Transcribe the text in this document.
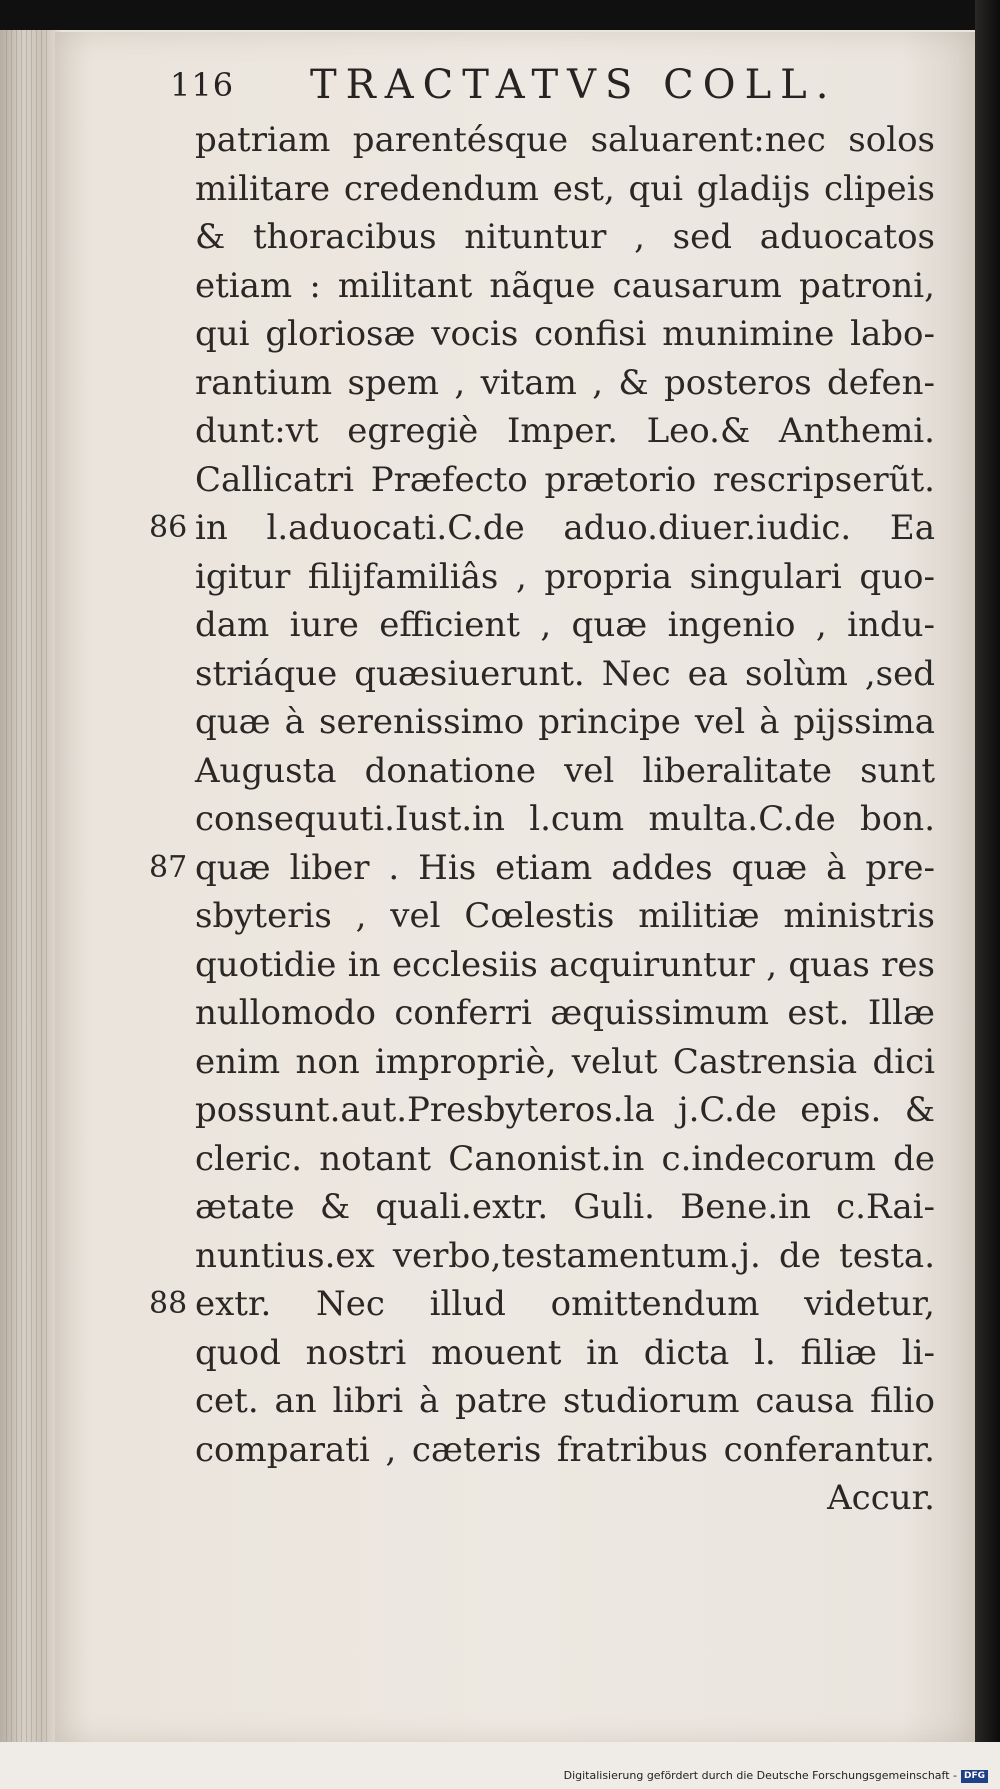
116 TRACTATVS COLL.
patriam parentésque saluarent:nec solos
militare credendum est, qui gladijs clipeis
& thoracibus nituntur , sed aduocatos
etiam : militant nãque causarum patroni,
qui gloriosæ vocis confisi munimine labo-
rantium spem , vitam , & posteros defen-
dunt:vt egregiè Imper. Leo.& Anthemi.
Callicatri Præfecto prætorio rescripserũt.
86 in l.aduocati.C.de aduo.diuer.iudic. Ea
igitur filijfamiliâs , propria singulari quo-
dam iure efficient , quæ ingenio , indu-
striáque quæsiuerunt. Nec ea solùm ,sed
quæ à serenissimo principe vel à pijssima
Augusta donatione vel liberalitate sunt
consequuti.Iust.in l.cum multa.C.de bon.
87 quæ liber . His etiam addes quæ à pre-
sbyteris , vel Cœlestis militiæ ministris
quotidie in ecclesiis acquiruntur , quas res
nullomodo conferri æquissimum est. Illæ
enim non impropriè, velut Castrensia dici
possunt.aut.Presbyteros.la j.C.de epis. &
cleric. notant Canonist.in c.indecorum de
ætate & quali.extr. Guli. Bene.in c.Rai-
nuntius.ex verbo,testamentum.j. de testa.
88 extr. Nec illud omittendum videtur,
quod nostri mouent in dicta l. filiæ li-
cet. an libri à patre studiorum causa filio
comparati , cæteris fratribus conferantur.
Accur.
Digitalisierung gefördert durch die Deutsche Forschungsgemeinschaft - DFG
